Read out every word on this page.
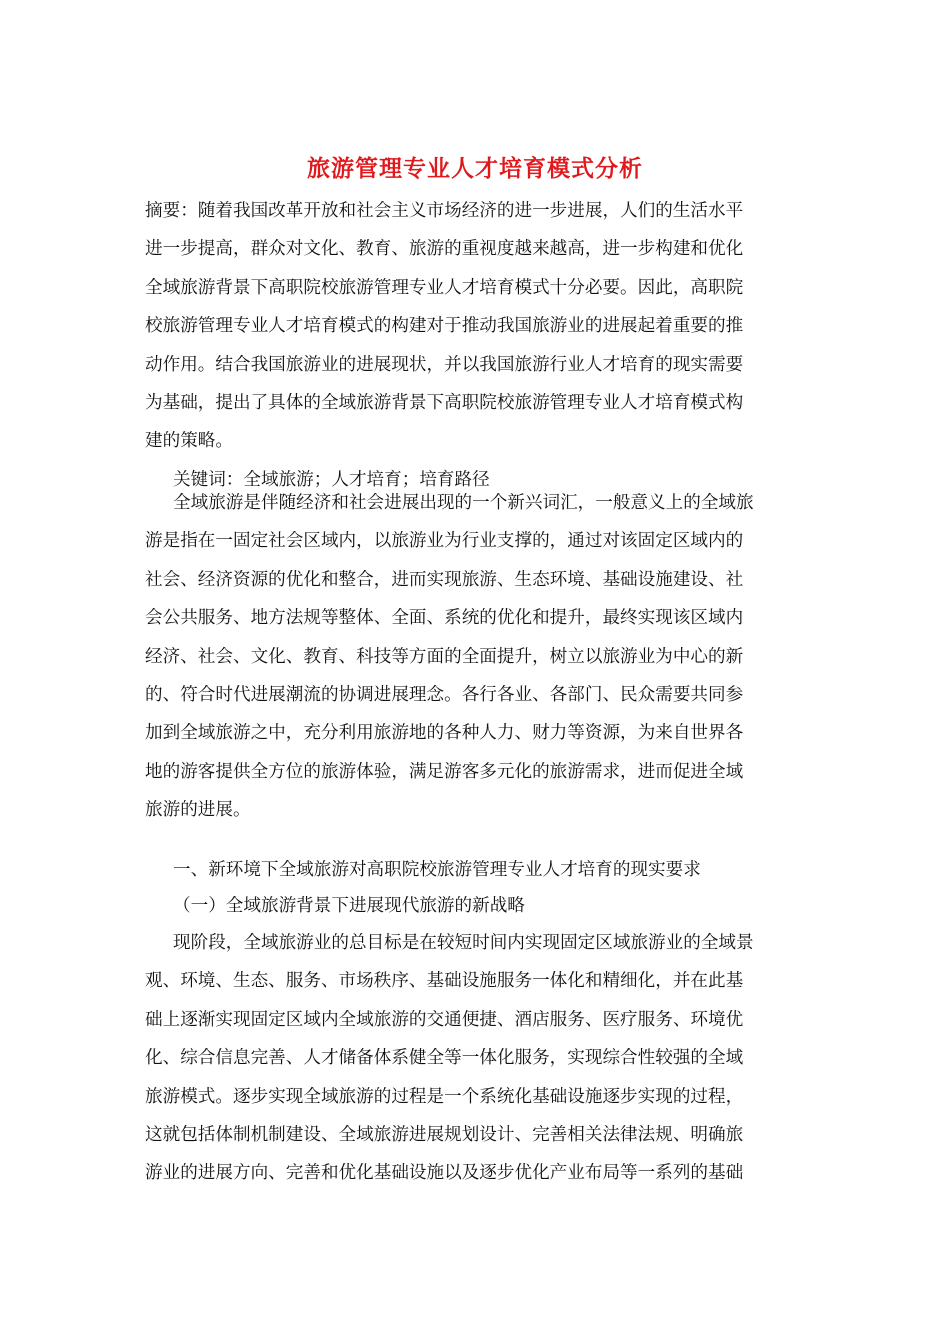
旅游管理专业人才培育模式分析
摘要：随着我国改革开放和社会主义市场经济的进一步进展，人们的生活水平
进一步提高，群众对文化、教育、旅游的重视度越来越高，进一步构建和优化
全域旅游背景下高职院校旅游管理专业人才培育模式十分必要。因此，高职院
校旅游管理专业人才培育模式的构建对于推动我国旅游业的进展起着重要的推
动作用。结合我国旅游业的进展现状，并以我国旅游行业人才培育的现实需要
为基础，提出了具体的全域旅游背景下高职院校旅游管理专业人才培育模式构
建的策略。
关键词：全域旅游；人才培育；培育路径
全域旅游是伴随经济和社会进展出现的一个新兴词汇，一般意义上的全域旅
游是指在一固定社会区域内，以旅游业为行业支撑的，通过对该固定区域内的
社会、经济资源的优化和整合，进而实现旅游、生态环境、基础设施建设、社
会公共服务、地方法规等整体、全面、系统的优化和提升，最终实现该区域内
经济、社会、文化、教育、科技等方面的全面提升，树立以旅游业为中心的新
的、符合时代进展潮流的协调进展理念。各行各业、各部门、民众需要共同参
加到全域旅游之中，充分利用旅游地的各种人力、财力等资源，为来自世界各
地的游客提供全方位的旅游体验，满足游客多元化的旅游需求，进而促进全域
旅游的进展。
一、新环境下全域旅游对高职院校旅游管理专业人才培育的现实要求
（一）全域旅游背景下进展现代旅游的新战略
现阶段，全域旅游业的总目标是在较短时间内实现固定区域旅游业的全域景
观、环境、生态、服务、市场秩序、基础设施服务一体化和精细化，并在此基
础上逐渐实现固定区域内全域旅游的交通便捷、酒店服务、医疗服务、环境优
化、综合信息完善、人才储备体系健全等一体化服务，实现综合性较强的全域
旅游模式。逐步实现全域旅游的过程是一个系统化基础设施逐步实现的过程，
这就包括体制机制建设、全域旅游进展规划设计、完善相关法律法规、明确旅
游业的进展方向、完善和优化基础设施以及逐步优化产业布局等一系列的基础
